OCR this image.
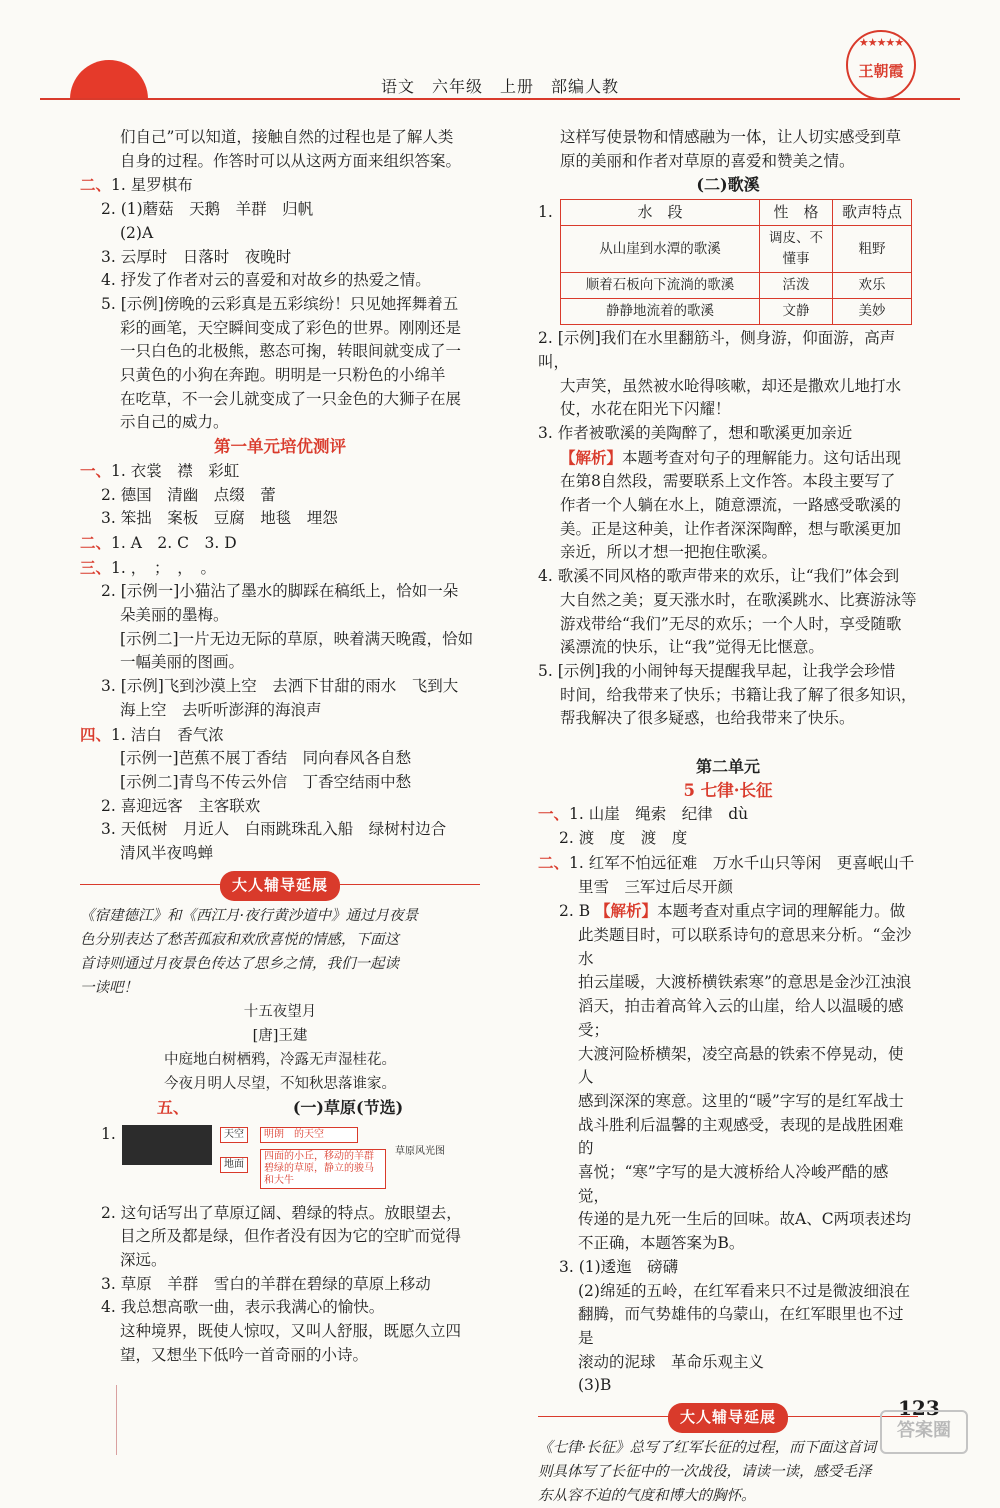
语文　六年级　上册　部编人教
★★★★★
王朝霞

们自己”可以知道，接触自然的过程也是了解人类

自身的过程。作答时可以从这两方面来组织答案。

二、1. 星罗棋布

2. (1)蘑菇　天鹅　羊群　归帆

(2)A

3. 云厚时　日落时　夜晚时

4. 抒发了作者对云的喜爱和对故乡的热爱之情。

5. [示例]傍晚的云彩真是五彩缤纷！只见她挥舞着五

彩的画笔，天空瞬间变成了彩色的世界。刚刚还是

一只白色的北极熊，憨态可掬，转眼间就变成了一

只黄色的小狗在奔跑。明明是一只粉色的小绵羊

在吃草，不一会儿就变成了一只金色的大狮子在展

示自己的威力。

第一单元培优测评

一、1. 衣裳　襟　彩虹

2. 德国　清幽　点缀　蕾

3. 笨拙　案板　豆腐　地毯　埋怨

二、1. A　2. C　3. D

三、1. ，　；　，　。

2. [示例一]小猫沾了墨水的脚踩在稿纸上，恰如一朵

朵美丽的墨梅。

[示例二]一片无边无际的草原，映着满天晚霞，恰如

一幅美丽的图画。

3. [示例]飞到沙漠上空　去洒下甘甜的雨水　飞到大

海上空　去听听澎湃的海浪声

四、1. 洁白　香气浓

[示例一]芭蕉不展丁香结　同向春风各自愁

[示例二]青鸟不传云外信　丁香空结雨中愁

2. 喜迎远客　主客联欢

3. 天低树　月近人　白雨跳珠乱入船　绿树村边合

清风半夜鸣蝉

大人辅导延展

《宿建德江》和《西江月·夜行黄沙道中》通过月夜景

色分别表达了愁苦孤寂和欢欣喜悦的情感，下面这

首诗则通过月夜景色传达了思乡之情，我们一起读

一读吧！

十五夜望月

[唐]王建

中庭地白树栖鸦，冷露无声湿桂花。

今夜月明人尽望，不知秋思落谁家。

五、　　　　　　　(一)草原(节选)

1.	天空	明朗　的天空
地面
四面的小丘，移动的羊群
碧绿的草原，静立的骏马和大牛
草原风光图

2. 这句话写出了草原辽阔、碧绿的特点。放眼望去，

目之所及都是绿，但作者没有因为它的空旷而觉得

深远。

3. 草原　羊群　雪白的羊群在碧绿的草原上移动

4. 我总想高歌一曲，表示我满心的愉快。

这种境界，既使人惊叹，又叫人舒服，既愿久立四

望，又想坐下低吟一首奇丽的小诗。

这样写使景物和情感融为一体，让人切实感受到草

原的美丽和作者对草原的喜爱和赞美之情。

(二)歌溪

1.	水　段	性　格	歌声特点
从山崖到水潭的歌溪	调皮、不懂事	粗野
顺着石板向下流淌的歌溪	活泼	欢乐
静静地流着的歌溪	文静	美妙

2. [示例]我们在水里翻筋斗，侧身游，仰面游，高声叫，

大声笑，虽然被水呛得咳嗽，却还是撒欢儿地打水

仗，水花在阳光下闪耀！

3. 作者被歌溪的美陶醉了，想和歌溪更加亲近

【解析】本题考查对句子的理解能力。这句话出现

在第8自然段，需要联系上文作答。本段主要写了

作者一个人躺在水上，随意漂流，一路感受歌溪的

美。正是这种美，让作者深深陶醉，想与歌溪更加

亲近，所以才想一把抱住歌溪。

4. 歌溪不同风格的歌声带来的欢乐，让“我们”体会到

大自然之美；夏天涨水时，在歌溪跳水、比赛游泳等

游戏带给“我们”无尽的欢乐；一个人时，享受随歌

溪漂流的快乐，让“我”觉得无比惬意。

5. [示例]我的小闹钟每天提醒我早起，让我学会珍惜

时间，给我带来了快乐；书籍让我了解了很多知识，

帮我解决了很多疑惑，也给我带来了快乐。

第二单元

5 七律·长征

一、1. 山崖　绳索　纪律　dù

2. 渡　度　渡　度

二、1. 红军不怕远征难　万水千山只等闲　更喜岷山千

里雪　三军过后尽开颜

2. B 【解析】本题考查对重点字词的理解能力。做

此类题目时，可以联系诗句的意思来分析。“金沙水

拍云崖暖，大渡桥横铁索寒”的意思是金沙江浊浪

滔天，拍击着高耸入云的山崖，给人以温暖的感受；

大渡河险桥横架，凌空高悬的铁索不停晃动，使人

感到深深的寒意。这里的“暖”字写的是红军战士

战斗胜利后温馨的主观感受，表现的是战胜困难的

喜悦；“寒”字写的是大渡桥给人冷峻严酷的感觉，

传递的是九死一生后的回味。故A、C两项表述均

不正确，本题答案为B。

3. (1)逶迤　磅礴

(2)绵延的五岭，在红军看来只不过是微波细浪在

翻腾，而气势雄伟的乌蒙山，在红军眼里也不过是

滚动的泥球　革命乐观主义

(3)B

大人辅导延展

《七律·长征》总写了红军长征的过程，而下面这首词

则具体写了长征中的一次战役，请读一读，感受毛泽

东从容不迫的气度和博大的胸怀。

123
答案圈
